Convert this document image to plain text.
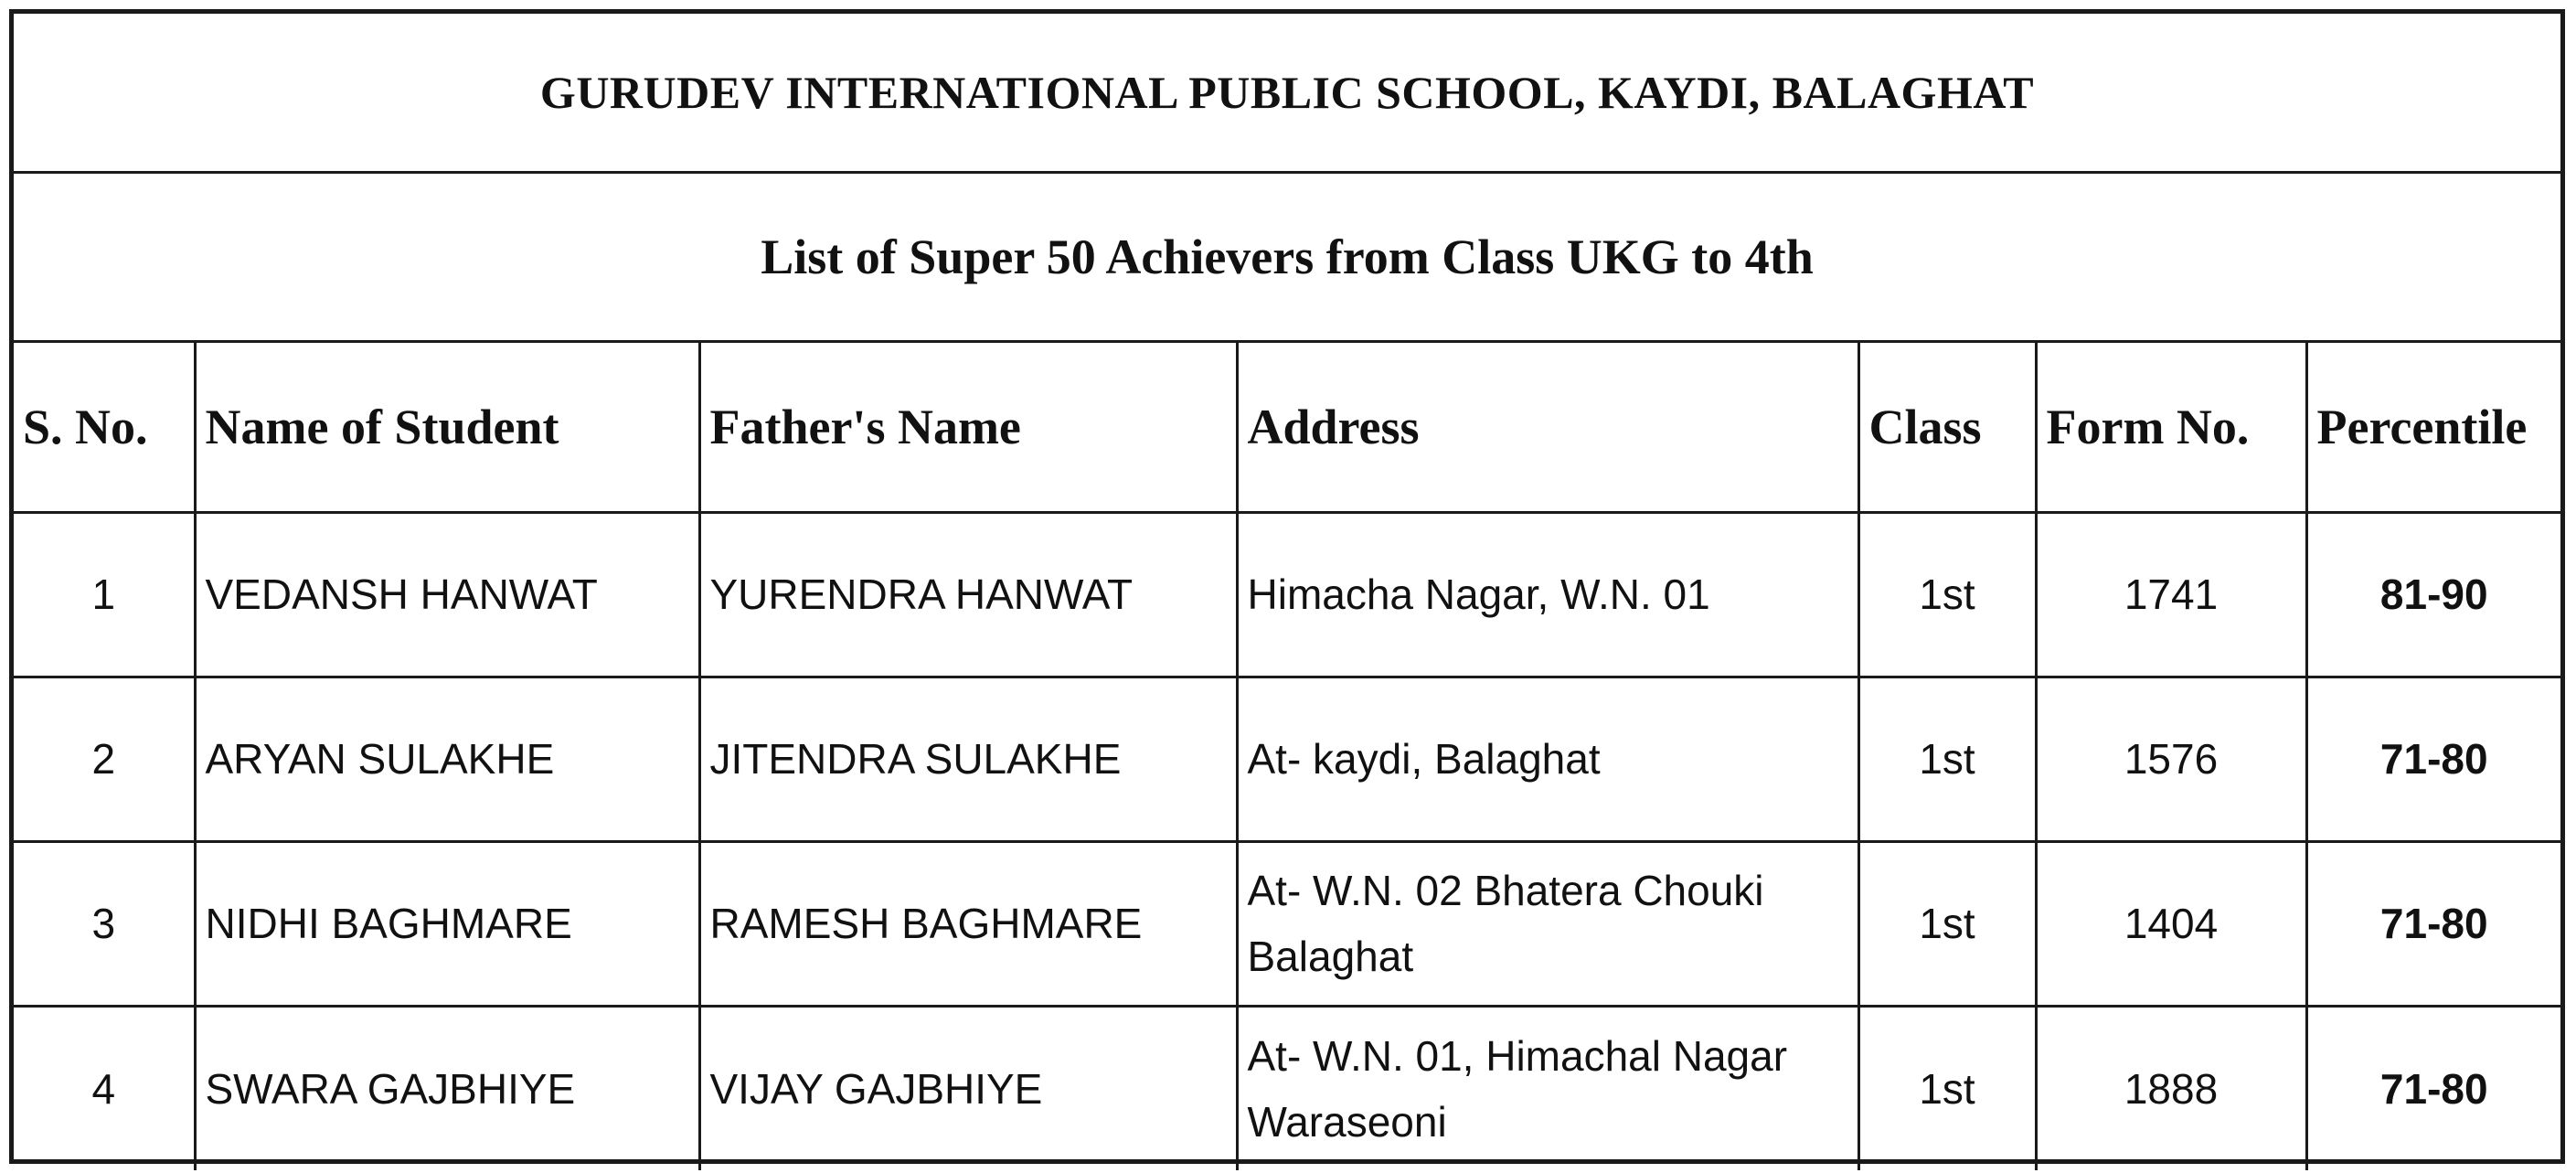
GURUDEV INTERNATIONAL PUBLIC SCHOOL, KAYDI, BALAGHAT
List of Super 50 Achievers from Class UKG to 4th
S. No.	Name of Student	Father's Name	Address	Class	Form No.	Percentile
1	VEDANSH HANWAT	YURENDRA HANWAT	Himacha Nagar, W.N. 01	1st	1741	81-90
2	ARYAN SULAKHE	JITENDRA SULAKHE	At- kaydi, Balaghat	1st	1576	71-80
3	NIDHI BAGHMARE	RAMESH BAGHMARE	At- W.N. 02 Bhatera Chouki Balaghat	1st	1404	71-80
4	SWARA GAJBHIYE	VIJAY GAJBHIYE	At- W.N. 01, Himachal Nagar Waraseoni	1st	1888	71-80
